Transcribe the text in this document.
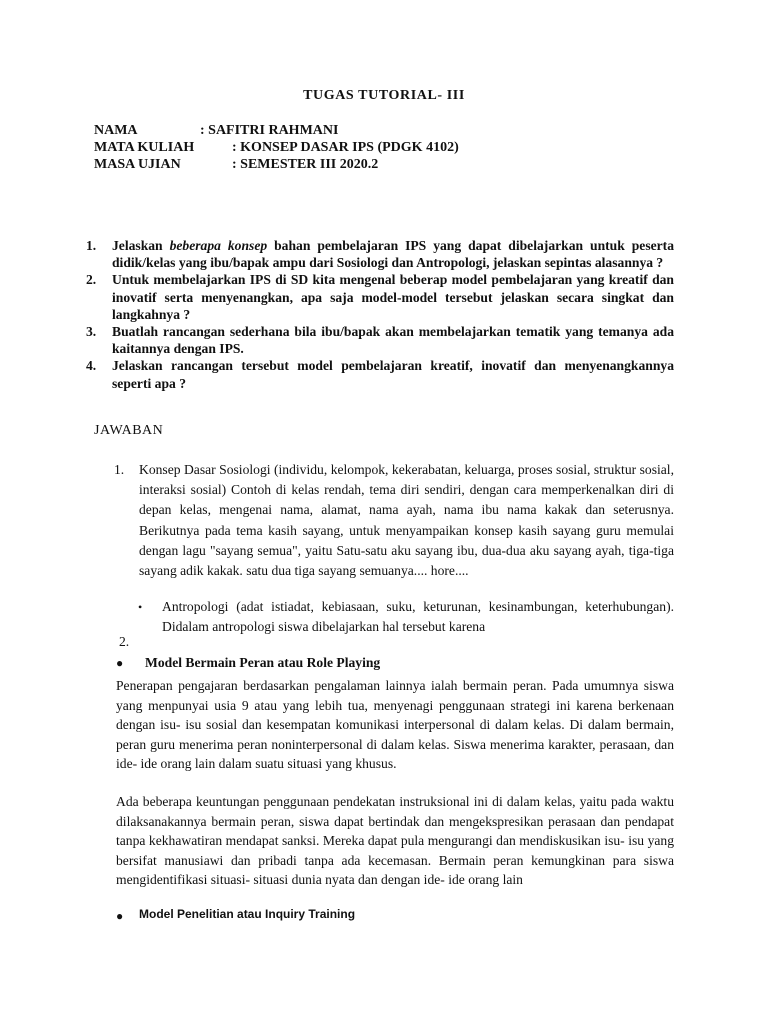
TUGAS TUTORIAL- III
NAMA	: SAFITRI RAHMANI
MATA KULIAH	: KONSEP DASAR IPS (PDGK 4102)
MASA UJIAN	: SEMESTER III 2020.2
1. Jelaskan beberapa konsep bahan pembelajaran IPS yang dapat dibelajarkan untuk peserta didik/kelas yang ibu/bapak ampu dari Sosiologi dan Antropologi, jelaskan sepintas alasannya ?
2. Untuk membelajarkan IPS di SD kita mengenal beberap model pembelajaran yang kreatif dan inovatif serta menyenangkan, apa saja model-model tersebut jelaskan secara singkat dan langkahnya ?
3. Buatlah rancangan sederhana bila ibu/bapak akan membelajarkan tematik yang temanya ada kaitannya dengan IPS.
4. Jelaskan rancangan tersebut model pembelajaran kreatif, inovatif dan menyenangkannya seperti apa ?
JAWABAN
1. Konsep Dasar Sosiologi (individu, kelompok, kekerabatan, keluarga, proses sosial, struktur sosial, interaksi sosial) Contoh di kelas rendah, tema diri sendiri, dengan cara memperkenalkan diri di depan kelas, mengenai nama, alamat, nama ayah, nama ibu nama kakak dan seterusnya. Berikutnya pada tema kasih sayang, untuk menyampaikan konsep kasih sayang guru memulai dengan lagu "sayang semua", yaitu Satu-satu aku sayang ibu, dua-dua aku sayang ayah, tiga-tiga sayang adik kakak. satu dua tiga sayang semuanya.... hore....
• Antropologi (adat istiadat, kebiasaan, suku, keturunan, kesinambungan, keterhubungan). Didalam antropologi siswa dibelajarkan hal tersebut karena
2.
● Model Bermain Peran atau Role Playing
Penerapan pengajaran berdasarkan pengalaman lainnya ialah bermain peran. Pada umumnya siswa yang menpunyai usia 9 atau yang lebih tua, menyenagi penggunaan strategi ini karena berkenaan dengan isu- isu sosial dan kesempatan komunikasi interpersonal di dalam kelas. Di dalam bermain, peran guru menerima peran noninterpersonal di dalam kelas. Siswa menerima karakter, perasaan, dan ide- ide orang lain dalam suatu situasi yang khusus.
Ada beberapa keuntungan penggunaan pendekatan instruksional ini di dalam kelas, yaitu pada waktu dilaksanakannya bermain peran, siswa dapat bertindak dan mengekspresikan perasaan dan pendapat tanpa kekhawatiran mendapat sanksi. Mereka dapat pula mengurangi dan mendiskusikan isu- isu yang bersifat manusiawi dan pribadi tanpa ada kecemasan. Bermain peran kemungkinan para siswa mengidentifikasi situasi- situasi dunia nyata dan dengan ide- ide orang lain
● Model Penelitian atau Inquiry Training
